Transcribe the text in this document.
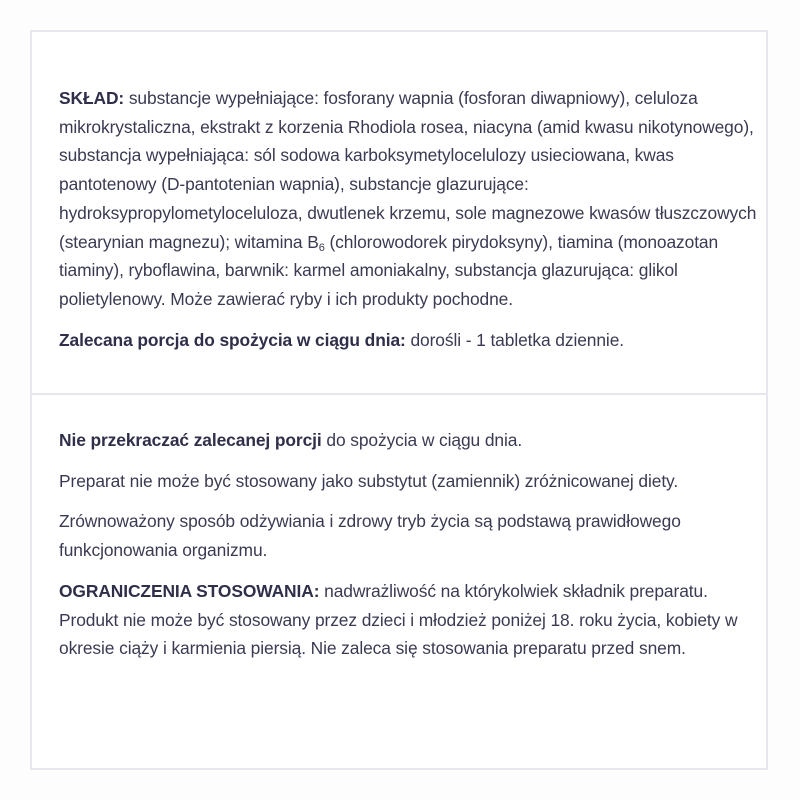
SKŁAD: substancje wypełniające: fosforany wapnia (fosforan diwapniowy), celuloza mikrokrystaliczna, ekstrakt z korzenia Rhodiola rosea, niacyna (amid kwasu nikotynowego), substancja wypełniająca: sól sodowa karboksymetylocelulozy usieciowana, kwas pantotenowy (D-pantotenian wapnia), substancje glazurujące: hydroksypropylometyloceluloza, dwutlenek krzemu, sole magnezowe kwasów tłuszczowych (stearynian magnezu); witamina $B_6$ (chlorowodorek pirydoksyny), tiamina (monoazotan tiaminy), ryboflawina, barwnik: karmel amoniakalny, substancja glazurująca: glikol polietylenowy. Może zawierać ryby i ich produkty pochodne.

Zalecana porcja do spożycia w ciągu dnia: dorośli - 1 tabletka dziennie.

Nie przekraczać zalecanej porcji do spożycia w ciągu dnia.

Preparat nie może być stosowany jako substytut (zamiennik) zróżnicowanej diety.

Zrównoważony sposób odżywiania i zdrowy tryb życia są podstawą prawidłowego funkcjonowania organizmu.

OGRANICZENIA STOSOWANIA: nadwrażliwość na którykolwiek składnik preparatu. Produkt nie może być stosowany przez dzieci i młodzież poniżej 18. roku życia, kobiety w okresie ciąży i karmienia piersią. Nie zaleca się stosowania preparatu przed snem.
